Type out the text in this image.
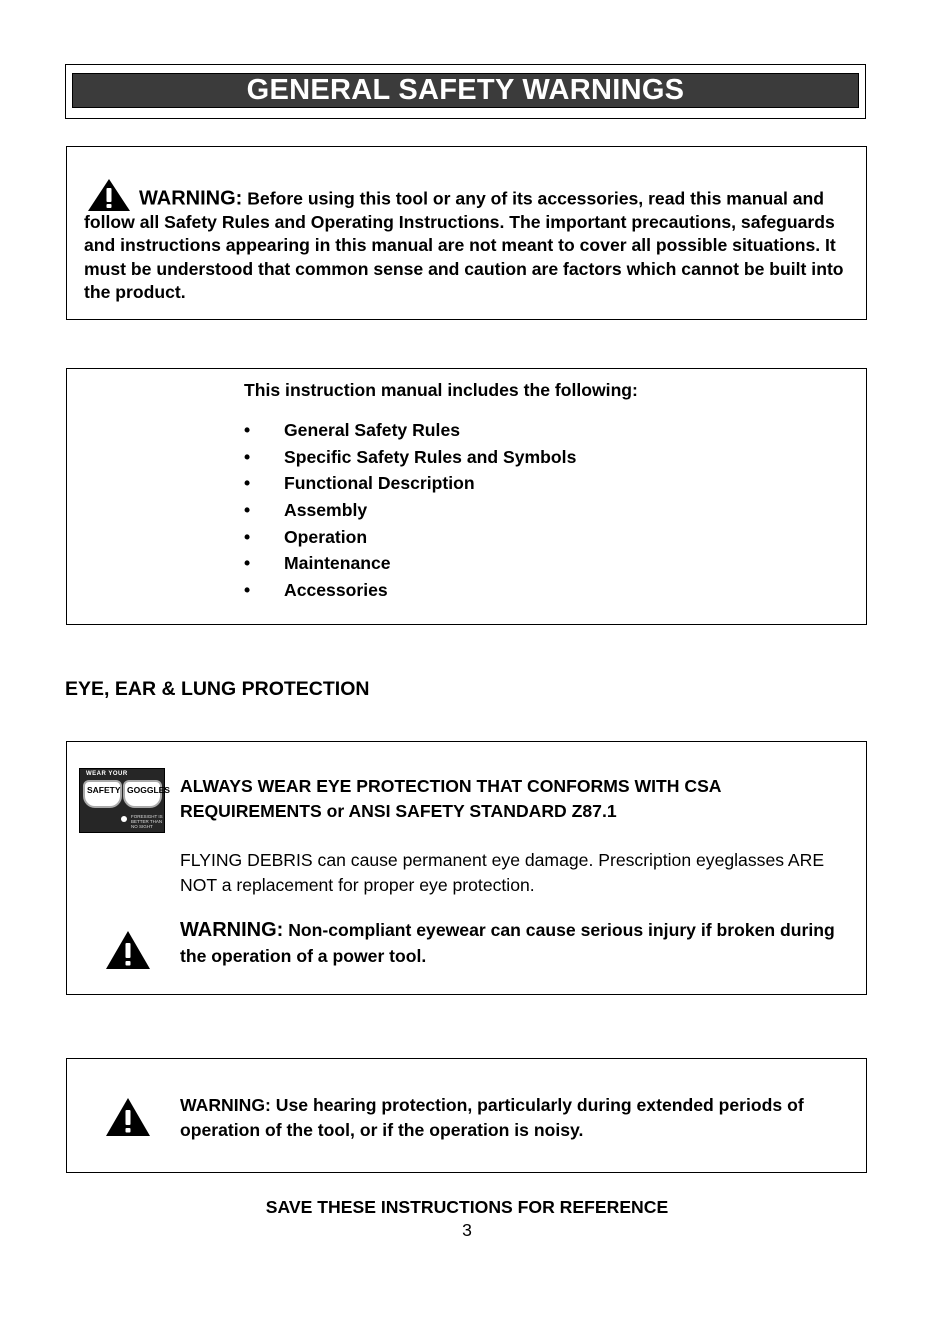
GENERAL SAFETY WARNINGS
WARNING: Before using this tool or any of its accessories, read this manual and follow all Safety Rules and Operating Instructions. The important precautions, safeguards and instructions appearing in this manual are not meant to cover all possible situations. It must be understood that common sense and caution are factors which cannot be built into the product.
This instruction manual includes the following:
• General Safety Rules
• Specific Safety Rules and Symbols
• Functional Description
• Assembly
• Operation
• Maintenance
• Accessories
EYE, EAR & LUNG PROTECTION
WEAR YOUR
SAFETY GOGGLES
FORESIGHT IS BETTER THAN NO SIGHT
ALWAYS WEAR EYE PROTECTION THAT CONFORMS WITH CSA REQUIREMENTS or ANSI SAFETY STANDARD Z87.1
FLYING DEBRIS can cause permanent eye damage. Prescription eyeglasses ARE NOT a replacement for proper eye protection.
WARNING: Non-compliant eyewear can cause serious injury if broken during the operation of a power tool.
WARNING: Use hearing protection, particularly during extended periods of operation of the tool, or if the operation is noisy.
SAVE THESE INSTRUCTIONS FOR REFERENCE
3
